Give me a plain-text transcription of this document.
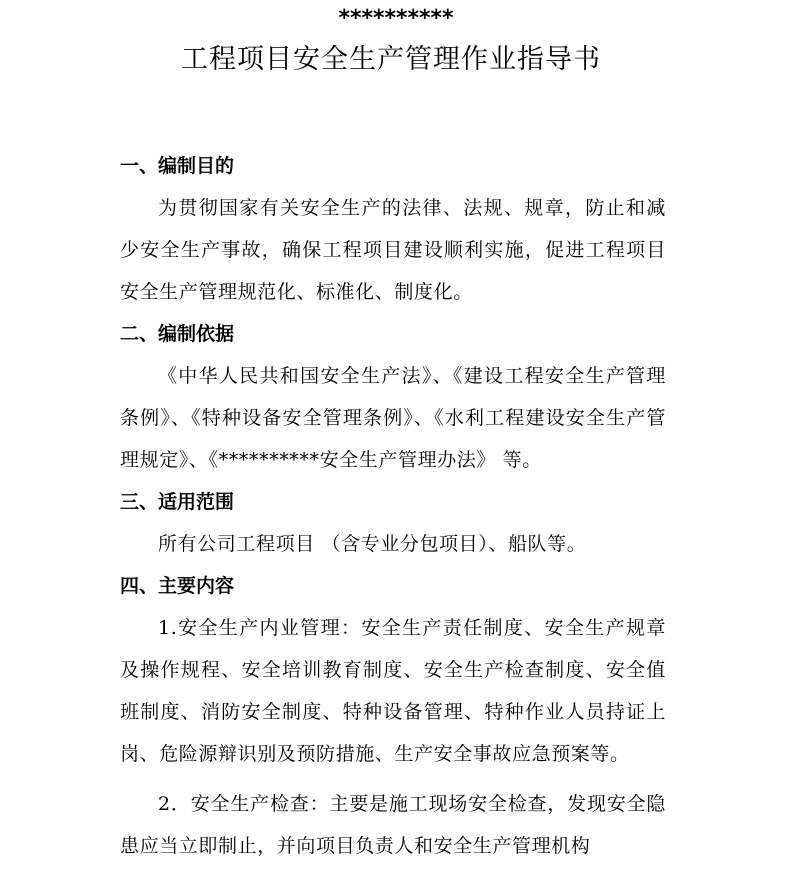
**********
工程项目安全生产管理作业指导书
一、编制目的

为贯彻国家有关安全生产的法律、法规、规章，防止和减少安全生产事故，确保工程项目建设顺利实施，促进工程项目安全生产管理规范化、标准化、制度化。

二、编制依据

《中华人民共和国安全生产法》、《建设工程安全生产管理条例》、《特种设备安全管理条例》、《水利工程建设安全生产管理规定》、《**********安全生产管理办法》 等。

三、适用范围

所有公司工程项目 （含专业分包项目）、船队等。

四、主要内容

1.安全生产内业管理：安全生产责任制度、安全生产规章及操作规程、安全培训教育制度、安全生产检查制度、安全值班制度、消防安全制度、特种设备管理、特种作业人员持证上岗、危险源辩识别及预防措施、生产安全事故应急预案等。

2．安全生产检查：主要是施工现场安全检查，发现安全隐患应当立即制止，并向项目负责人和安全生产管理机构
